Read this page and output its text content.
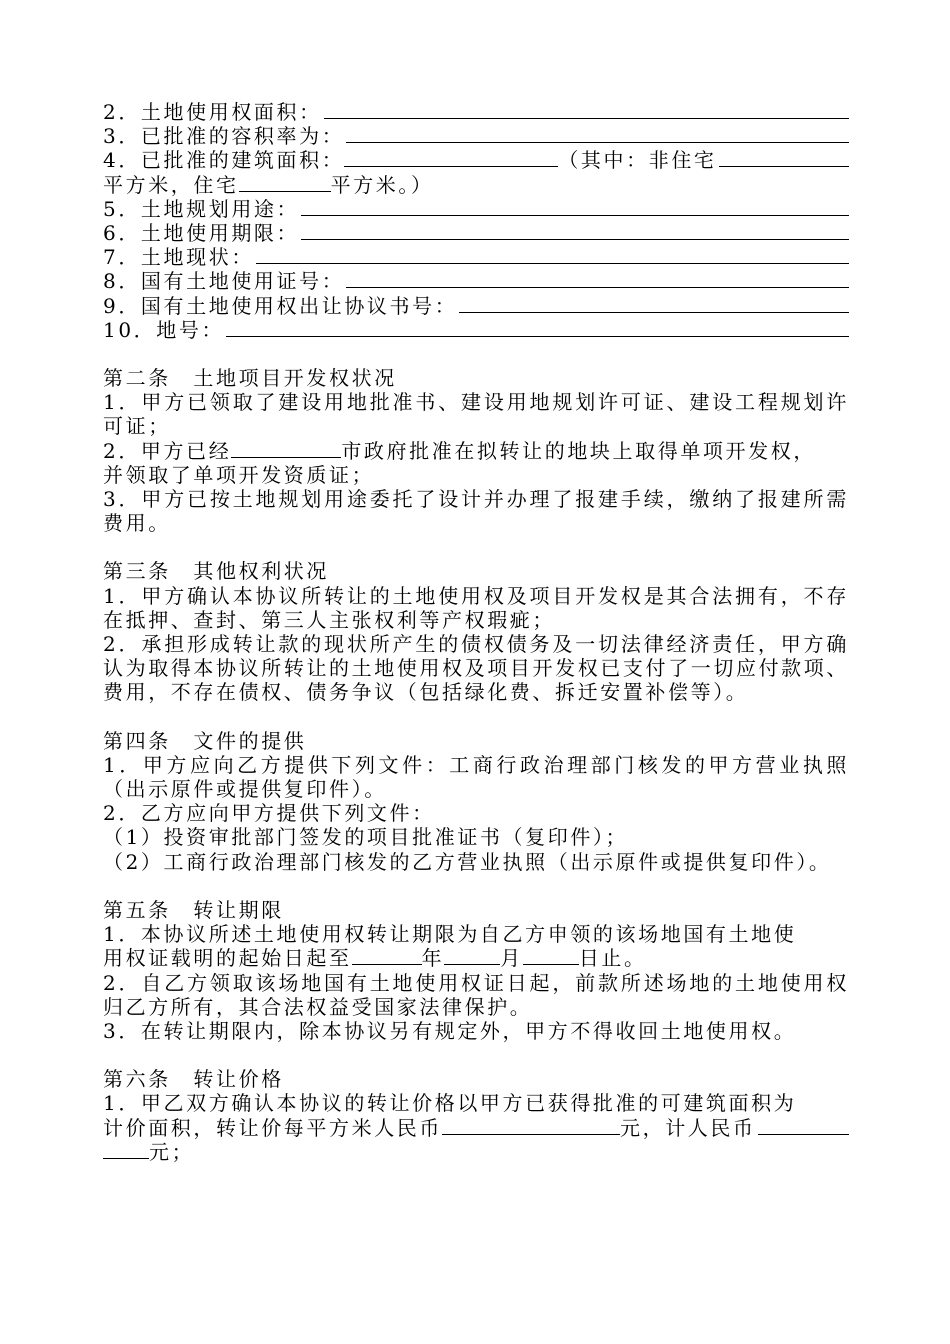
2．土地使用权面积：
3．已批准的容积率为：
4．已批准的建筑面积：	（其中：非住宅
平方米，住宅	平方米。）
5．土地规划用途：
6．土地使用期限：
7．土地现状：
8．国有土地使用证号：
9．国有土地使用权出让协议书号：
10．地号：
第二条　土地项目开发权状况
1．甲方已领取了建设用地批准书、建设用地规划许可证、建设工程规划许可证；
2．甲方已经	市政府批准在拟转让的地块上取得单项开发权，
并领取了单项开发资质证；
3．甲方已按土地规划用途委托了设计并办理了报建手续，缴纳了报建所需费用。
第三条　其他权利状况
1．甲方确认本协议所转让的土地使用权及项目开发权是其合法拥有，不存在抵押、查封、第三人主张权利等产权瑕疵；
2．承担形成转让款的现状所产生的债权债务及一切法律经济责任，甲方确认为取得本协议所转让的土地使用权及项目开发权已支付了一切应付款项、费用，不存在债权、债务争议（包括绿化费、拆迁安置补偿等）。
第四条　文件的提供
1．甲方应向乙方提供下列文件：工商行政治理部门核发的甲方营业执照（出示原件或提供复印件）。
2．乙方应向甲方提供下列文件：
（1）投资审批部门签发的项目批准证书（复印件）；
（2）工商行政治理部门核发的乙方营业执照（出示原件或提供复印件）。
第五条　转让期限
1．本协议所述土地使用权转让期限为自乙方申领的该场地国有土地使
用权证载明的起始日起至	年	月	日止。
2．自乙方领取该场地国有土地使用权证日起，前款所述场地的土地使用权归乙方所有，其合法权益受国家法律保护。
3．在转让期限内，除本协议另有规定外，甲方不得收回土地使用权。
第六条　转让价格
1．甲乙双方确认本协议的转让价格以甲方已获得批准的可建筑面积为
计价面积，转让价每平方米人民币	元，计人民币
元；
